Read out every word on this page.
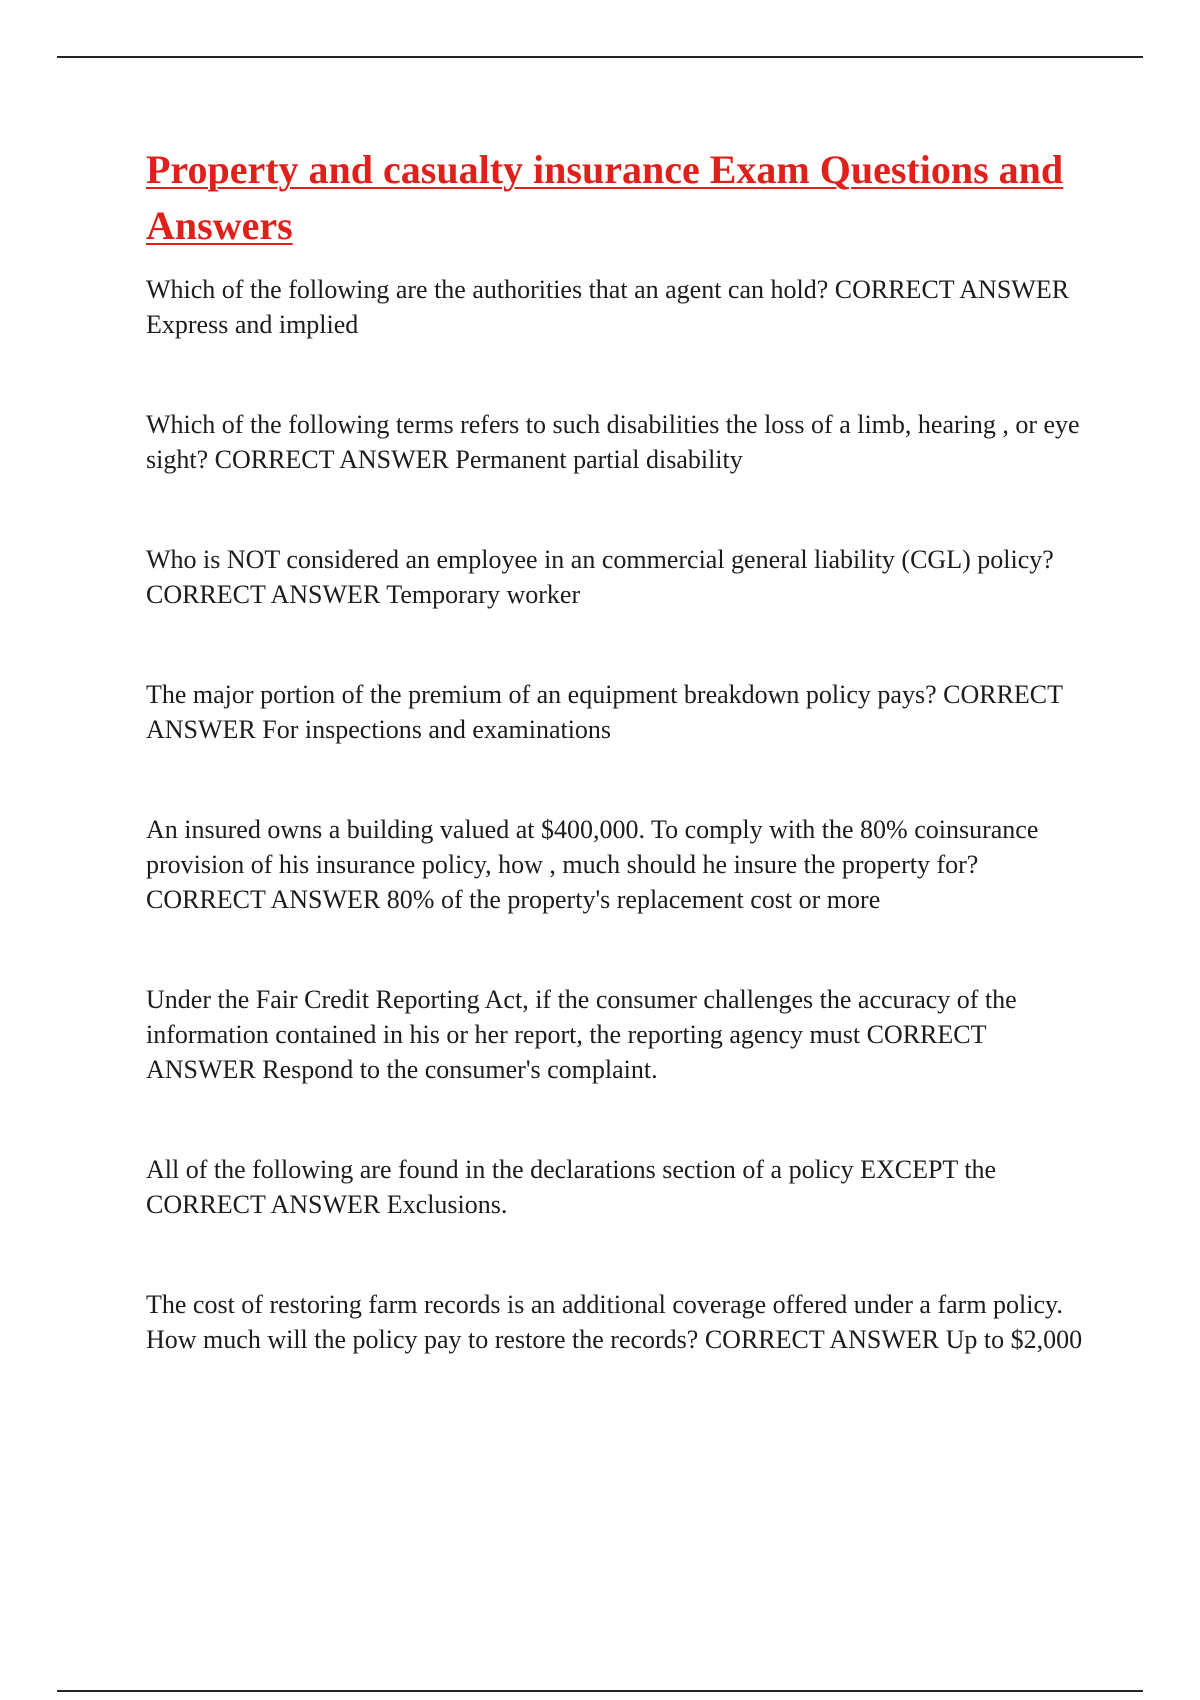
Property and casualty insurance Exam Questions and Answers

Which of the following are the authorities that an agent can hold? CORRECT ANSWER Express and implied

Which of the following terms refers to such disabilities the loss of a limb, hearing , or eye sight? CORRECT ANSWER Permanent partial disability

Who is NOT considered an employee in an commercial general liability (CGL) policy? CORRECT ANSWER Temporary worker

The major portion of the premium of an equipment breakdown policy pays? CORRECT ANSWER For inspections and examinations

An insured owns a building valued at $400,000. To comply with the 80% coinsurance provision of his insurance policy, how , much should he insure the property for? CORRECT ANSWER 80% of the property's replacement cost or more

Under the Fair Credit Reporting Act, if the consumer challenges the accuracy of the information contained in his or her report, the reporting agency must CORRECT ANSWER Respond to the consumer's complaint.

All of the following are found in the declarations section of a policy EXCEPT the CORRECT ANSWER Exclusions.

The cost of restoring farm records is an additional coverage offered under a farm policy. How much will the policy pay to restore the records? CORRECT ANSWER Up to $2,000
